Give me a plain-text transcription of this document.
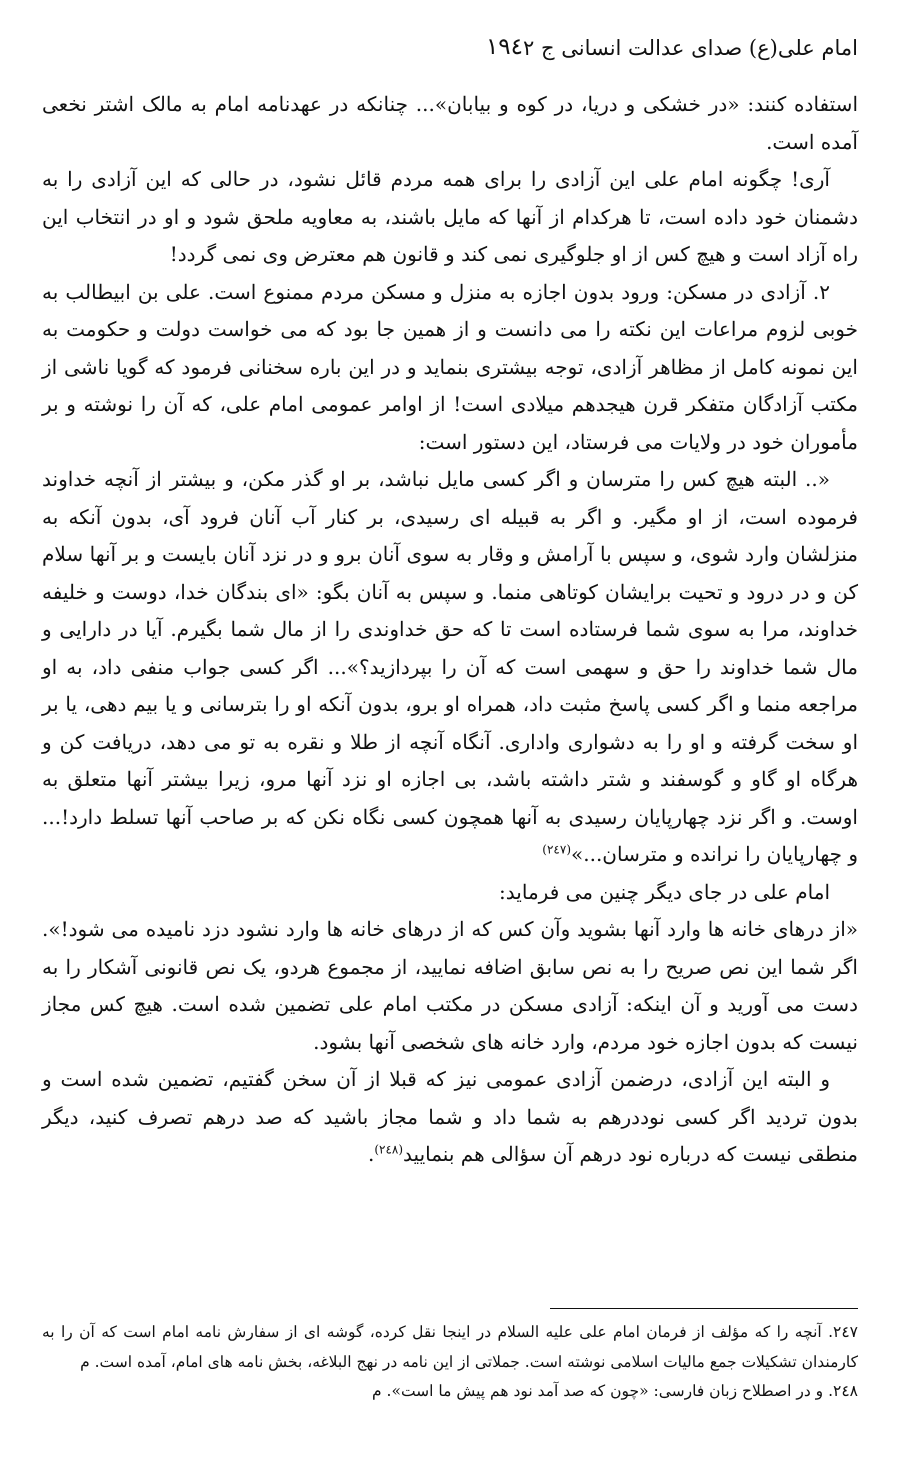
امام علی(ع) صدای عدالت انسانی ج ۲
۱۹٤

استفاده کنند: «در خشکی و دریا، در کوه و بیابان»... چنانکه در عهدنامه امام به مالک اشتر نخعی آمده است.

آری! چگونه امام علی این آزادی را برای همه مردم قائل نشود، در حالی که این آزادی را به دشمنان خود داده است، تا هرکدام از آنها که مایل باشند، به معاویه ملحق شود و او در انتخاب این راه آزاد است و هیچ کس از او جلوگیری نمی کند و قانون هم معترض وی نمی گردد!

۲. آزادی در مسکن: ورود بدون اجازه به منزل و مسکن مردم ممنوع است. علی بن ابیطالب به خوبی لزوم مراعات این نکته را می دانست و از همین جا بود که می خواست دولت و حکومت به این نمونه کامل از مظاهر آزادی، توجه بیشتری بنماید و در این باره سخنانی فرمود که گویا ناشی از مکتب آزادگان متفکر قرن هیجدهم میلادی است! از اوامر عمومی امام علی، که آن را نوشته و بر مأموران خود در ولایات می فرستاد، این دستور است:

«.. البته هیچ کس را مترسان و اگر کسی مایل نباشد، بر او گذر مکن، و بیشتر از آنچه خداوند فرموده است، از او مگیر. و اگر به قبیله ای رسیدی، بر کنار آب آنان فرود آی، بدون آنکه به منزلشان وارد شوی، و سپس با آرامش و وقار به سوی آنان برو و در نزد آنان بایست و بر آنها سلام کن و در درود و تحیت برایشان کوتاهی منما. و سپس به آنان بگو: «ای بندگان خدا، دوست و خلیفه خداوند، مرا به سوی شما فرستاده است تا که حق خداوندی را از مال شما بگیرم. آیا در دارایی و مال شما خداوند را حق و سهمی است که آن را بپردازید؟»... اگر کسی جواب منفی داد، به او مراجعه منما و اگر کسی پاسخ مثبت داد، همراه او برو، بدون آنکه او را بترسانی و یا بیم دهی، یا بر او سخت گرفته و او را به دشواری واداری. آنگاه آنچه از طلا و نقره به تو می دهد، دریافت کن و هرگاه او گاو و گوسفند و شتر داشته باشد، بی اجازه او نزد آنها مرو، زیرا بیشتر آنها متعلق به اوست. و اگر نزد چهارپایان رسیدی به آنها همچون کسی نگاه نکن که بر صاحب آنها تسلط دارد!... و چهارپایان را نرانده و مترسان...»$^{(۲٤۷)}$

امام علی در جای دیگر چنین می فرماید:

«از درهای خانه ها وارد آنها بشوید وآن کس که از درهای خانه ها وارد نشود دزد نامیده می شود!». اگر شما این نص صریح را به نص سابق اضافه نمایید، از مجموع هردو، یک نص قانونی آشکار را به دست می آورید و آن اینکه: آزادی مسکن در مکتب امام علی تضمین شده است. هیچ کس مجاز نیست که بدون اجازه خود مردم، وارد خانه های شخصی آنها بشود.

و البته این آزادی، درضمن آزادی عمومی نیز که قبلا از آن سخن گفتیم، تضمین شده است و بدون تردید اگر کسی نوددرهم به شما داد و شما مجاز باشید که صد درهم تصرف کنید، دیگر منطقی نیست که درباره نود درهم آن سؤالی هم بنمایید$^{(۲٤۸)}$.

۲٤۷. آنچه را که مؤلف از فرمان امام علی علیه السلام در اینجا نقل کرده، گوشه ای از سفارش نامه امام است که آن را به کارمندان تشکیلات جمع مالیات اسلامی نوشته است. جملاتی از این نامه در نهج البلاغه، بخش نامه های امام، آمده است. م

۲٤۸. و در اصطلاح زبان فارسی: «چون که صد آمد نود هم پیش ما است». م
